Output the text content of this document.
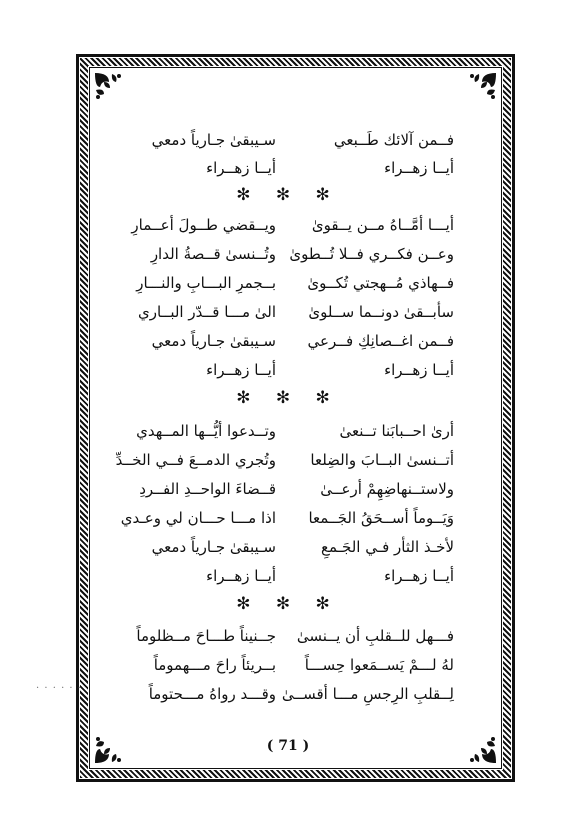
فــمن آلائك طَــبعي
سـيبقىٰ جـارياً دمعي
أيــا زهــراء
أيــا زهــراء
✻ ✻ ✻
أيـــا أمَّــاهُ مــن يــقوىٰ
ويــقضي طــولَ أعــمارِ
وعــن فكــري فــلا تُــطوىٰ
وتُــنسىٰ قــصةُ الدارِ
فــهاذي مُــهجتي تُكــوىٰ
بــجمرِ البـــابِ والنـــارِ
سأبــقىٰ دونــما ســلوىٰ
الىٰ مـــا قــدّر البــاري
فــمن اغــصانِكِ فــرعي
سـيبقىٰ جـارياً دمعي
أيــا زهــراء
أيــا زهــراء
✻ ✻ ✻
أرىٰ احــبابَنا تــنعىٰ
وتــدعوا أيُّــها المــهدي
أتــنسىٰ البــابَ والضِلعا
وتُجري الدمــعَ فــي الخــدِّ
ولاستــنهاضِهِمْ أرعــىٰ
قــضاءَ الواحــدِ الفــردِ
وَيَــوماً أســحَقُ الجَــمعا
اذا مـــا حـــان لي وعـدي
لأخـذ الثأر فـي الجَـمعِ
سـيبقىٰ جـارياً دمعي
أيــا زهــراء
أيــا زهــراء
✻ ✻ ✻
فـــهل للــقلبِ أن يــنسىٰ
جــنيناً طـــاحَ مــظلوماً
لهُ لـــمْ يَســمَعوا حِســـاً
بــريئاً راحَ مـــهموماً
لِــقلبِ الرِجسِ مـــا أقســىٰ
وقـــد رواهُ مـــحتوماً
( 71 )
· · · · · ·
